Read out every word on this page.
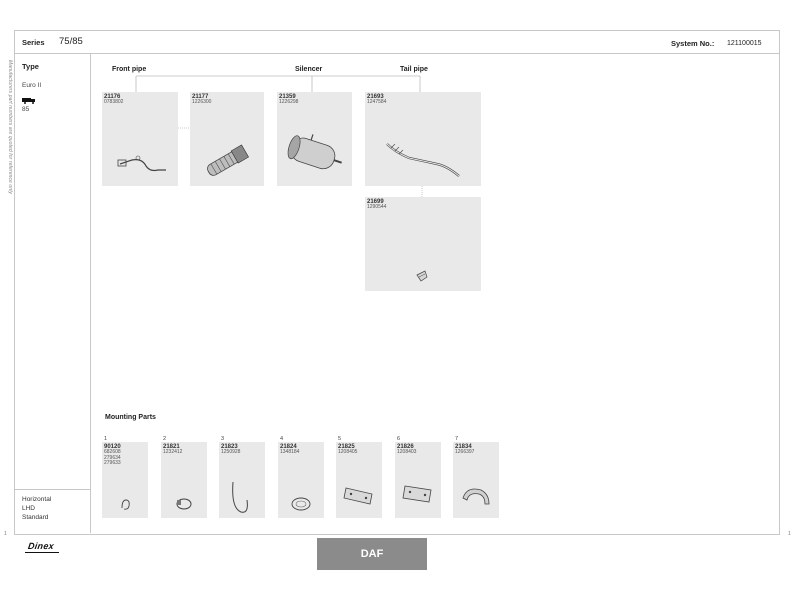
Manufacturers part numbers are quoted for reference only
Series 75/85	System No.: 121100015
Type
Euro II
85
Horizontal
LHD
Standard
Front pipe	Silencer	Tail pipe
Mounting Parts
21176
0783802
21177
1226300
21359
1226298
21693
1247584
21699
1290544
1
90120
682608
279634
279633
2
21821
1232412
3
21823
1250928
4
21824
1348184
5
21825
1208405
6
21826
1208403
7
21834
1266397
Dinex
1	1
DAF
